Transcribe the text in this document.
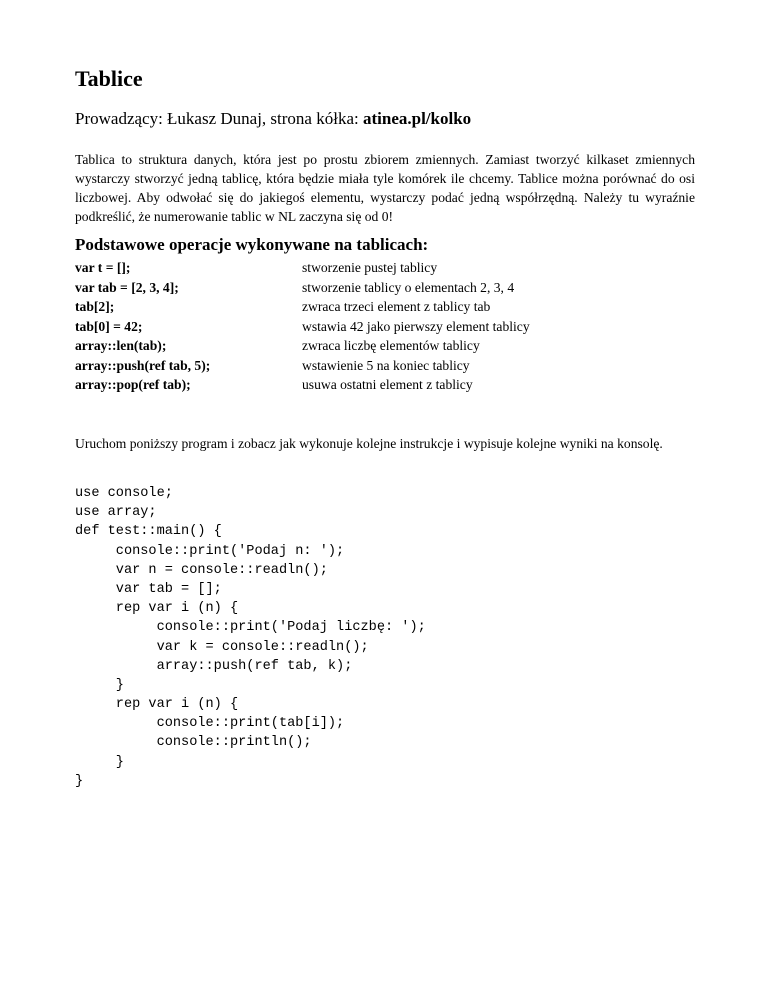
Tablice
Prowadzący: Łukasz Dunaj, strona kółka: atinea.pl/kolko

Tablica to struktura danych, która jest po prostu zbiorem zmiennych. Zamiast tworzyć kilkaset zmiennych wystarczy stworzyć jedną tablicę, która będzie miała tyle komórek ile chcemy. Tablice można porównać do osi liczbowej. Aby odwołać się do jakiegoś elementu, wystarczy podać jedną współrzędną. Należy tu wyraźnie podkreślić, że numerowanie tablic w NL zaczyna się od 0!

Podstawowe operacje wykonywane na tablicach:
var t = [];	stworzenie pustej tablicy
var tab = [2, 3, 4];	stworzenie tablicy o elementach 2, 3, 4
tab[2];	zwraca trzeci element z tablicy tab
tab[0] = 42;	wstawia 42 jako pierwszy element tablicy
array::len(tab);	zwraca liczbę elementów tablicy
array::push(ref tab, 5);	wstawienie 5 na koniec tablicy
array::pop(ref tab);	usuwa ostatni element z tablicy

Uruchom poniższy program i zobacz jak wykonuje kolejne instrukcje i wypisuje kolejne wyniki na konsolę.

use console;
use array;
def test::main() {
console::print('Podaj n: ');
var n = console::readln();
var tab = [];
rep var i (n) {
console::print('Podaj liczbę: ');
var k = console::readln();
array::push(ref tab, k);
}
rep var i (n) {
console::print(tab[i]);
console::println();
}
}
